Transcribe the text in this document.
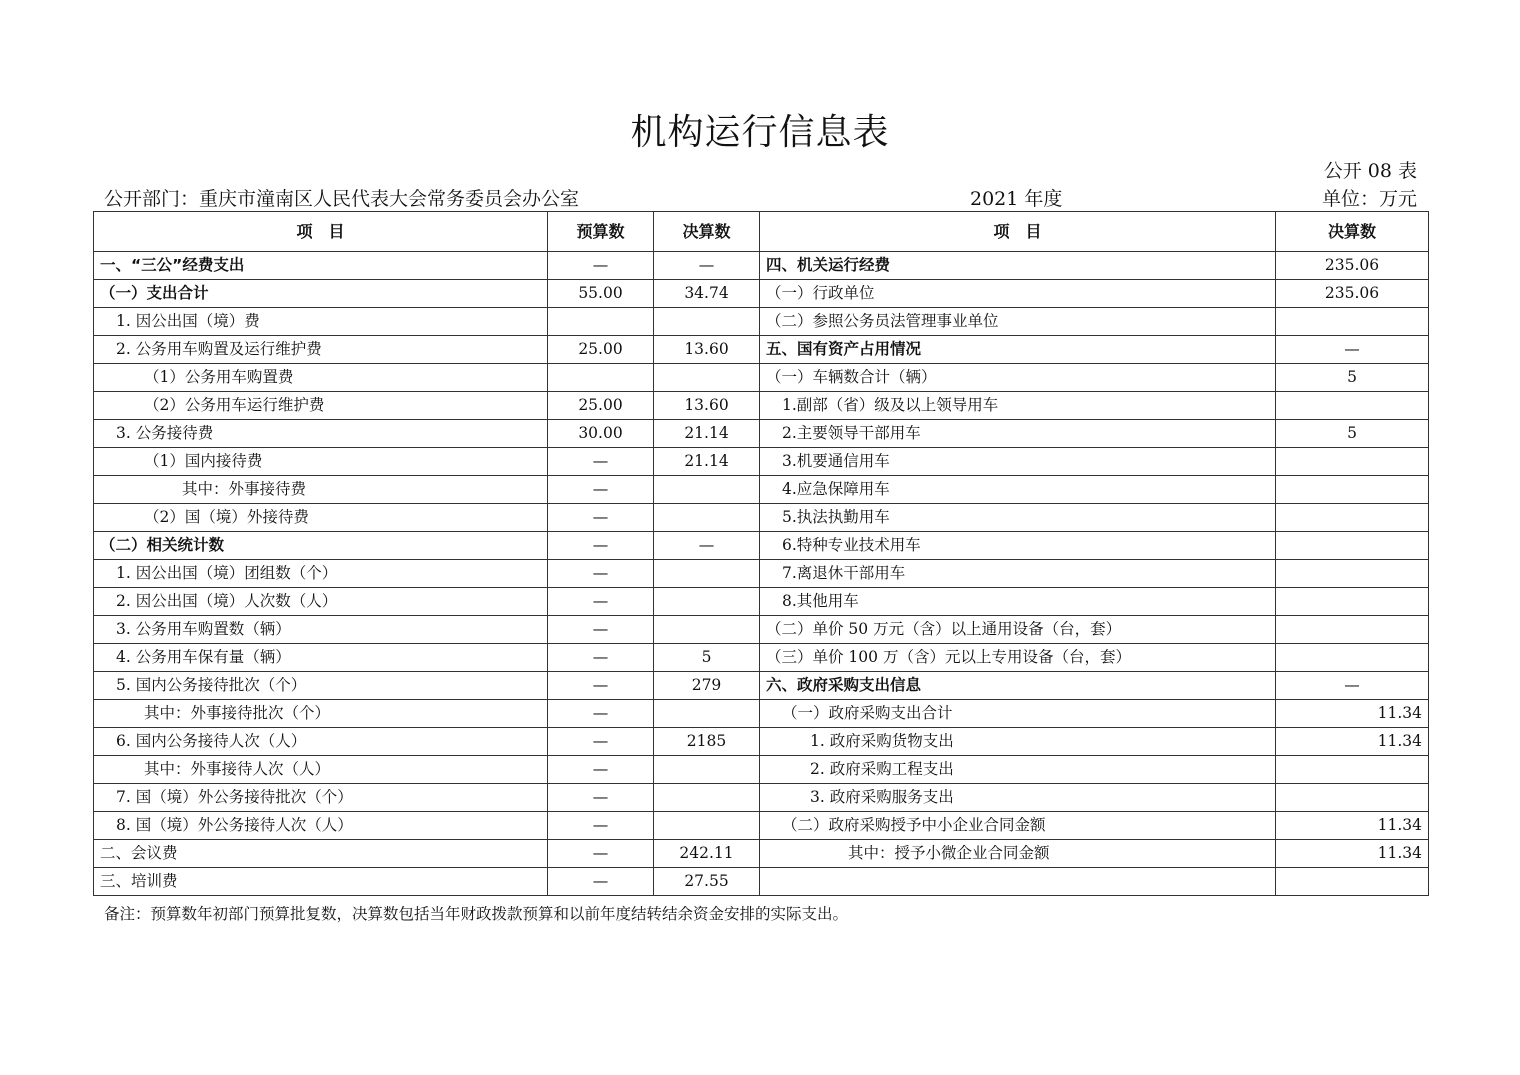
机构运行信息表
公开 08 表
公开部门：重庆市潼南区人民代表大会常务委员会办公室	2021 年度	单位：万元
项　目	预算数	决算数	项　目	决算数
一、“三公”经费支出	—	—	四、机关运行经费	235.06
（一）支出合计	55.00	34.74	（一）行政单位	235.06
1. 因公出国（境）费			（二）参照公务员法管理事业单位	
2. 公务用车购置及运行维护费	25.00	13.60	五、国有资产占用情况	—
（1）公务用车购置费			（一）车辆数合计（辆）	5
（2）公务用车运行维护费	25.00	13.60	1.副部（省）级及以上领导用车	
3. 公务接待费	30.00	21.14	2.主要领导干部用车	5
（1）国内接待费	—	21.14	3.机要通信用车	
其中：外事接待费	—		4.应急保障用车	
（2）国（境）外接待费	—		5.执法执勤用车	
（二）相关统计数	—	—	6.特种专业技术用车	
1. 因公出国（境）团组数（个）	—		7.离退休干部用车	
2. 因公出国（境）人次数（人）	—		8.其他用车	
3. 公务用车购置数（辆）	—		（二）单价 50 万元（含）以上通用设备（台，套）	
4. 公务用车保有量（辆）	—	5	（三）单价 100 万（含）元以上专用设备（台，套）	
5. 国内公务接待批次（个）	—	279	六、政府采购支出信息	—
其中：外事接待批次（个）	—		（一）政府采购支出合计	11.34
6. 国内公务接待人次（人）	—	2185	1. 政府采购货物支出	11.34
其中：外事接待人次（人）	—		2. 政府采购工程支出	
7. 国（境）外公务接待批次（个）	—		3. 政府采购服务支出	
8. 国（境）外公务接待人次（人）	—		（二）政府采购授予中小企业合同金额	11.34
二、会议费	—	242.11	其中：授予小微企业合同金额	11.34
三、培训费	—	27.55		
备注：预算数年初部门预算批复数，决算数包括当年财政拨款预算和以前年度结转结余资金安排的实际支出。
